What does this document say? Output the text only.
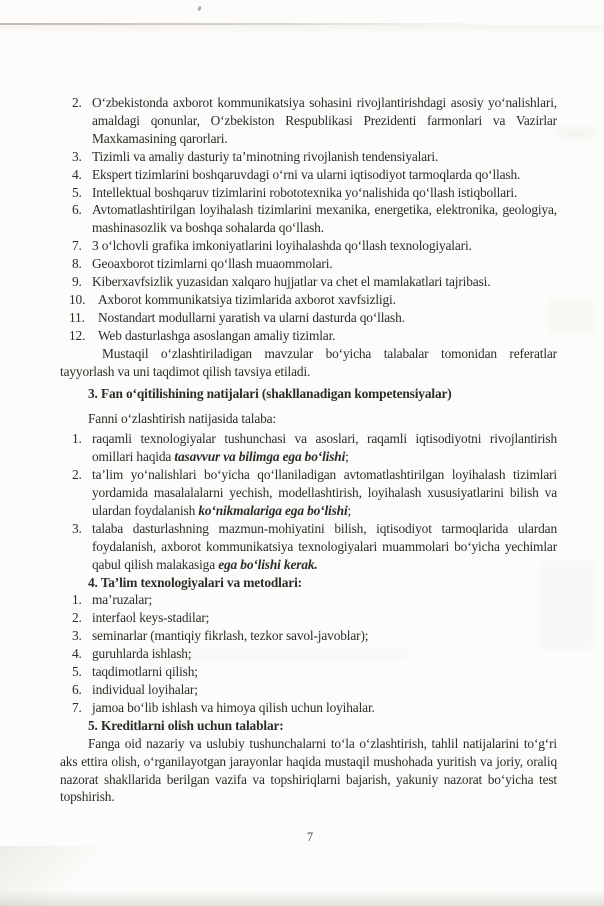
2. O‘zbekistonda axborot kommunikatsiya sohasini rivojlantirishdagi asosiy yo‘nalishlari, amaldagi qonunlar, O‘zbekiston Respublikasi Prezidenti farmonlari va Vazirlar Maxkamasining qarorlari.
3. Tizimli va amaliy dasturiy ta’minotning rivojlanish tendensiyalari.
4. Ekspert tizimlarini boshqaruvdagi o‘rni va ularni iqtisodiyot tarmoqlarda qo‘llash.
5. Intellektual boshqaruv tizimlarini robototexnika yo‘nalishida qo‘llash istiqbollari.
6. Avtomatlashtirilgan loyihalash tizimlarini mexanika, energetika, elektronika, geologiya, mashinasozlik va boshqa sohalarda qo‘llash.
7. 3 o‘lchovli grafika imkoniyatlarini loyihalashda qo‘llash texnologiyalari.
8. Geoaxborot tizimlarni qo‘llash muaommolari.
9. Kiberxavfsizlik yuzasidan xalqaro hujjatlar va chet el mamlakatlari tajribasi.
10. Axborot kommunikatsiya tizimlarida axborot xavfsizligi.
11. Nostandart modullarni yaratish va ularni dasturda qo‘llash.
12. Web dasturlashga asoslangan amaliy tizimlar.

Mustaqil o‘zlashtiriladigan mavzular bo‘yicha talabalar tomonidan referatlar tayyorlash va uni taqdimot qilish tavsiya etiladi.

3. Fan o‘qitilishining natijalari (shakllanadigan kompetensiyalar)

Fanni o‘zlashtirish natijasida talaba:

1. raqamli texnologiyalar tushunchasi va asoslari, raqamli iqtisodiyotni rivojlantirish omillari haqida tasavvur va bilimga ega bo‘lishi;
2. ta’lim yo‘nalishlari bo‘yicha qo‘llaniladigan avtomatlashtirilgan loyihalash tizimlari yordamida masalalalarni yechish, modellashtirish, loyihalash xususiyatlarini bilish va ulardan foydalanish ko‘nikmalariga ega bo‘lishi;
3. talaba dasturlashning mazmun-mohiyatini bilish, iqtisodiyot tarmoqlarida ulardan foydalanish, axborot kommunikatsiya texnologiyalari muammolari bo‘yicha yechimlar qabul qilish malakasiga ega bo‘lishi kerak.

4. Ta’lim texnologiyalari va metodlari:

1. ma’ruzalar;
2. interfaol keys-stadilar;
3. seminarlar (mantiqiy fikrlash, tezkor savol-javoblar);
4. guruhlarda ishlash;
5. taqdimotlarni qilish;
6. individual loyihalar;
7. jamoa bo‘lib ishlash va himoya qilish uchun loyihalar.

5. Kreditlarni olish uchun talablar:

Fanga oid nazariy va uslubiy tushunchalarni to‘la o‘zlashtirish, tahlil natijalarini to‘g‘ri aks ettira olish, o‘rganilayotgan jarayonlar haqida mustaqil mushohada yuritish va joriy, oraliq nazorat shakllarida berilgan vazifa va topshiriqlarni bajarish, yakuniy nazorat bo‘yicha test topshirish.

7
